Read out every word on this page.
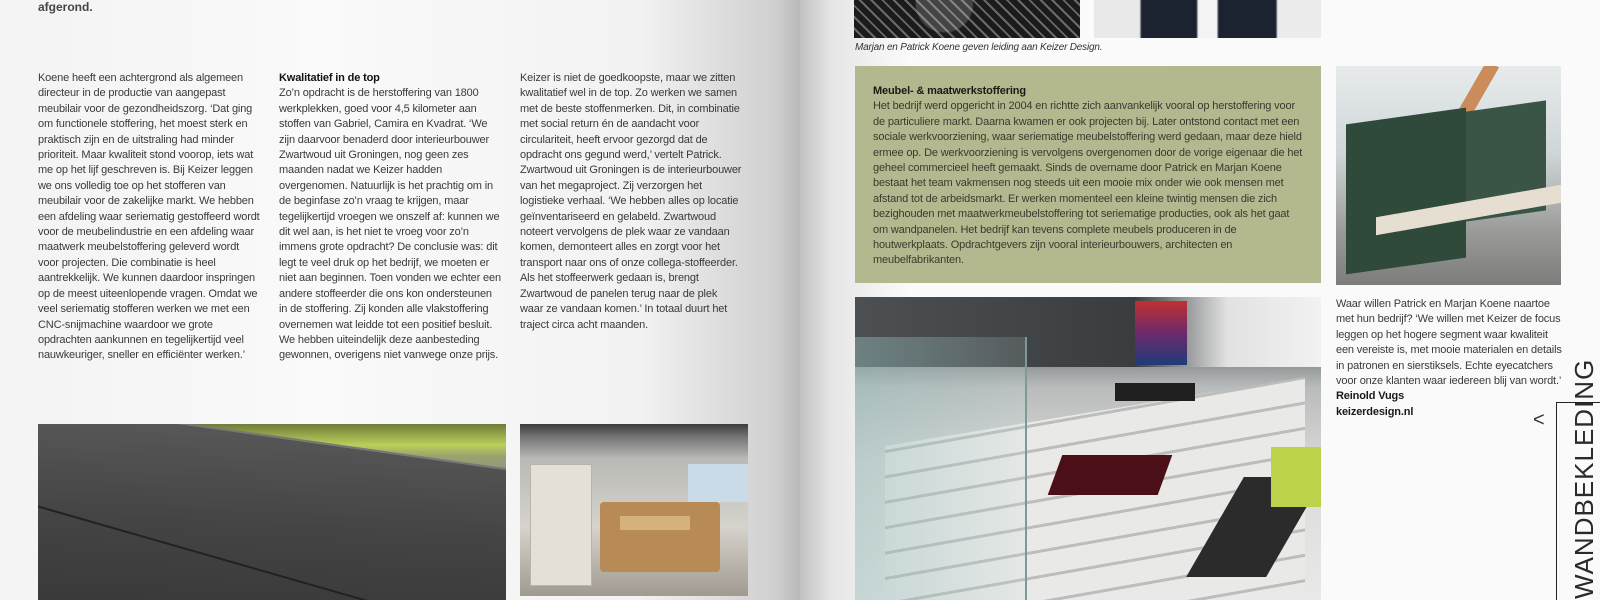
afgerond.

Koene heeft een achtergrond als algemeen directeur in de productie van aangepast meubilair voor de gezondheidszorg. ‘Dat ging om functionele stoffering, het moest sterk en praktisch zijn en de uitstraling had minder prioriteit. Maar kwaliteit stond voorop, iets wat me op het lijf geschreven is. Bij Keizer leggen we ons volledig toe op het stofferen van meubilair voor de zakelijke markt. We hebben een afdeling waar seriematig gestoffeerd wordt voor de meubelindustrie en een afdeling waar maatwerk meubelstoffering geleverd wordt voor projecten. Die combinatie is heel aantrekkelijk. We kunnen daardoor inspringen op de meest uiteenlopende vragen. Omdat we veel seriematig stofferen werken we met een CNC-snijmachine waardoor we grote opdrachten aankunnen en tegelijkertijd veel nauwkeuriger, sneller en efficiënter werken.’

Kwalitatief in de top

Zo’n opdracht is de herstoffering van 1800 werkplekken, goed voor 4,5 kilometer aan stoffen van Gabriel, Camira en Kvadrat. ‘We zijn daarvoor benaderd door interieurbouwer Zwartwoud uit Groningen, nog geen zes maanden nadat we Keizer hadden overgenomen. Natuurlijk is het prachtig om in de beginfase zo’n vraag te krijgen, maar tegelijkertijd vroegen we onszelf af: kunnen we dit wel aan, is het niet te vroeg voor zo’n immens grote opdracht? De conclusie was: dit legt te veel druk op het bedrijf, we moeten er niet aan beginnen. Toen vonden we echter een andere stoffeerder die ons kon ondersteunen in de stoffering. Zij konden alle vlakstoffering overnemen wat leidde tot een positief besluit. We hebben uiteindelijk deze aanbesteding gewonnen, overigens niet vanwege onze prijs.

Keizer is niet de goedkoopste, maar we zitten kwalitatief wel in de top. Zo werken we samen met de beste stoffenmerken. Dit, in combinatie met social return én de aandacht voor circulariteit, heeft ervoor gezorgd dat de opdracht ons gegund werd,’ vertelt Patrick. Zwartwoud uit Groningen is de interieurbouwer van het megaproject. Zij verzorgen het logistieke verhaal. ‘We hebben alles op locatie geïnventariseerd en gelabeld. Zwartwoud noteert vervolgens de plek waar ze vandaan komen, demonteert alles en zorgt voor het transport naar ons of onze collega-stoffeerder. Als het stoffeerwerk gedaan is, brengt Zwartwoud de panelen terug naar de plek waar ze vandaan komen.’ In totaal duurt het traject circa acht maanden.

Marjan en Patrick Koene geven leiding aan Keizer Design.
Meubel- & maatwerkstoffering

Het bedrijf werd opgericht in 2004 en richtte zich aanvankelijk vooral op herstoffering voor de particuliere markt. Daarna kwamen er ook projecten bij. Later ontstond contact met een sociale werkvoorziening, waar seriematige meubelstoffering werd gedaan, maar deze hield ermee op. De werkvoorziening is vervolgens overgenomen door de vorige eigenaar die het geheel commercieel heeft gemaakt. Sinds de overname door Patrick en Marjan Koene bestaat het team vakmensen nog steeds uit een mooie mix onder wie ook mensen met afstand tot de arbeidsmarkt. Er werken momenteel een kleine twintig mensen die zich bezighouden met maatwerkmeubelstoffering tot seriematige producties, ook als het gaat om wandpanelen. Het bedrijf kan tevens complete meubels produceren in de houtwerkplaats. Opdrachtgevers zijn vooral interieurbouwers, architecten en meubelfabrikanten.

Waar willen Patrick en Marjan Koene naartoe met hun bedrijf? ‘We willen met Keizer de focus leggen op het hogere segment waar kwaliteit een vereiste is, met mooie materialen en details in patronen en sierstiksels. Echte eyecatchers voor onze klanten waar iedereen blij van wordt.’

Reinold Vugs

keizerdesign.nl	< WANDBEKLEDING
